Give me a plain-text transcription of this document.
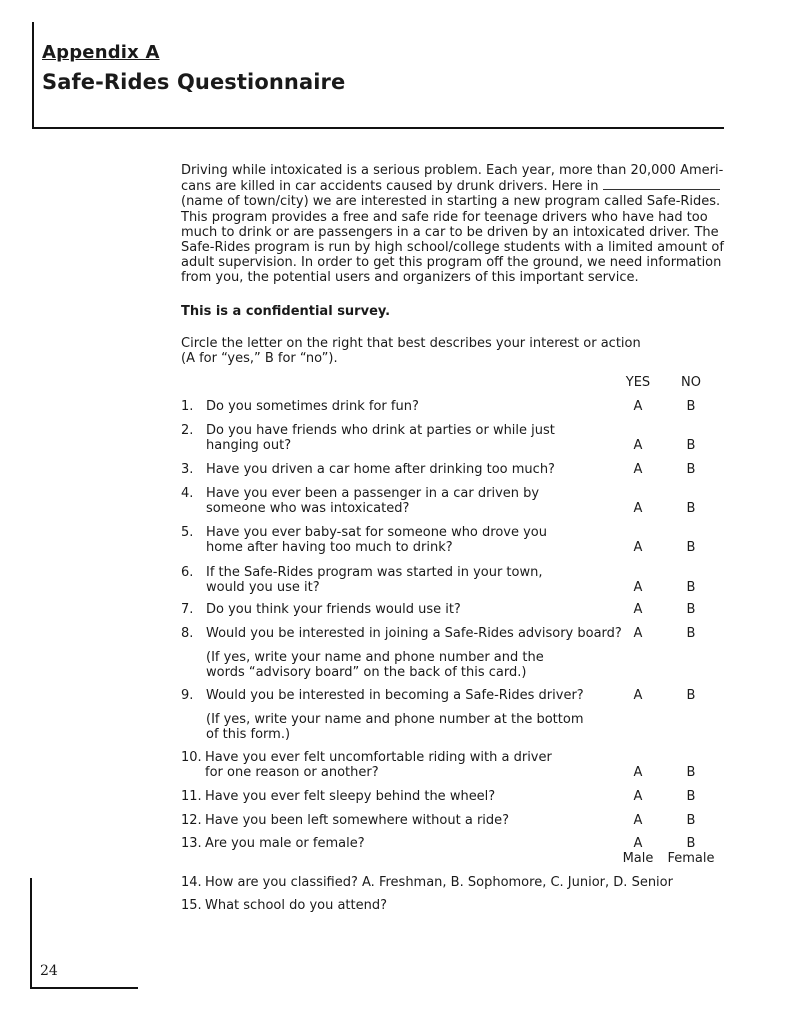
Appendix A
Safe-Rides Questionnaire
Driving while intoxicated is a serious problem. Each year, more than 20,000 Ameri-
cans are killed in car accidents caused by drunk drivers. Here in
(name of town/city) we are interested in starting a new program called Safe-Rides.
This program provides a free and safe ride for teenage drivers who have had too
much to drink or are passengers in a car to be driven by an intoxicated driver. The
Safe-Rides program is run by high school/college students with a limited amount of
adult supervision. In order to get this program off the ground, we need information
from you, the potential users and organizers of this important service.
This is a confidential survey.
Circle the letter on the right that best describes your interest or action
(A for “yes,” B for “no”).
YES	NO
1. Do you sometimes drink for fun?	A	B
2. Do you have friends who drink at parties or while just
hanging out?	A	B
3. Have you driven a car home after drinking too much?	A	B
4. Have you ever been a passenger in a car driven by
someone who was intoxicated?	A	B
5. Have you ever baby-sat for someone who drove you
home after having too much to drink?	A	B
6. If the Safe-Rides program was started in your town,
would you use it?	A	B
7. Do you think your friends would use it?	A	B
8. Would you be interested in joining a Safe-Rides advisory board? A	B
(If yes, write your name and phone number and the
words “advisory board” on the back of this card.)
9. Would you be interested in becoming a Safe-Rides driver?	A	B
(If yes, write your name and phone number at the bottom
of this form.)
10. Have you ever felt uncomfortable riding with a driver
for one reason or another?	A	B
11. Have you ever felt sleepy behind the wheel?	A	B
12. Have you been left somewhere without a ride?	A	B
13. Are you male or female?	A	B
Male	Female
14. How are you classified? A. Freshman, B. Sophomore, C. Junior, D. Senior
15. What school do you attend?
24
